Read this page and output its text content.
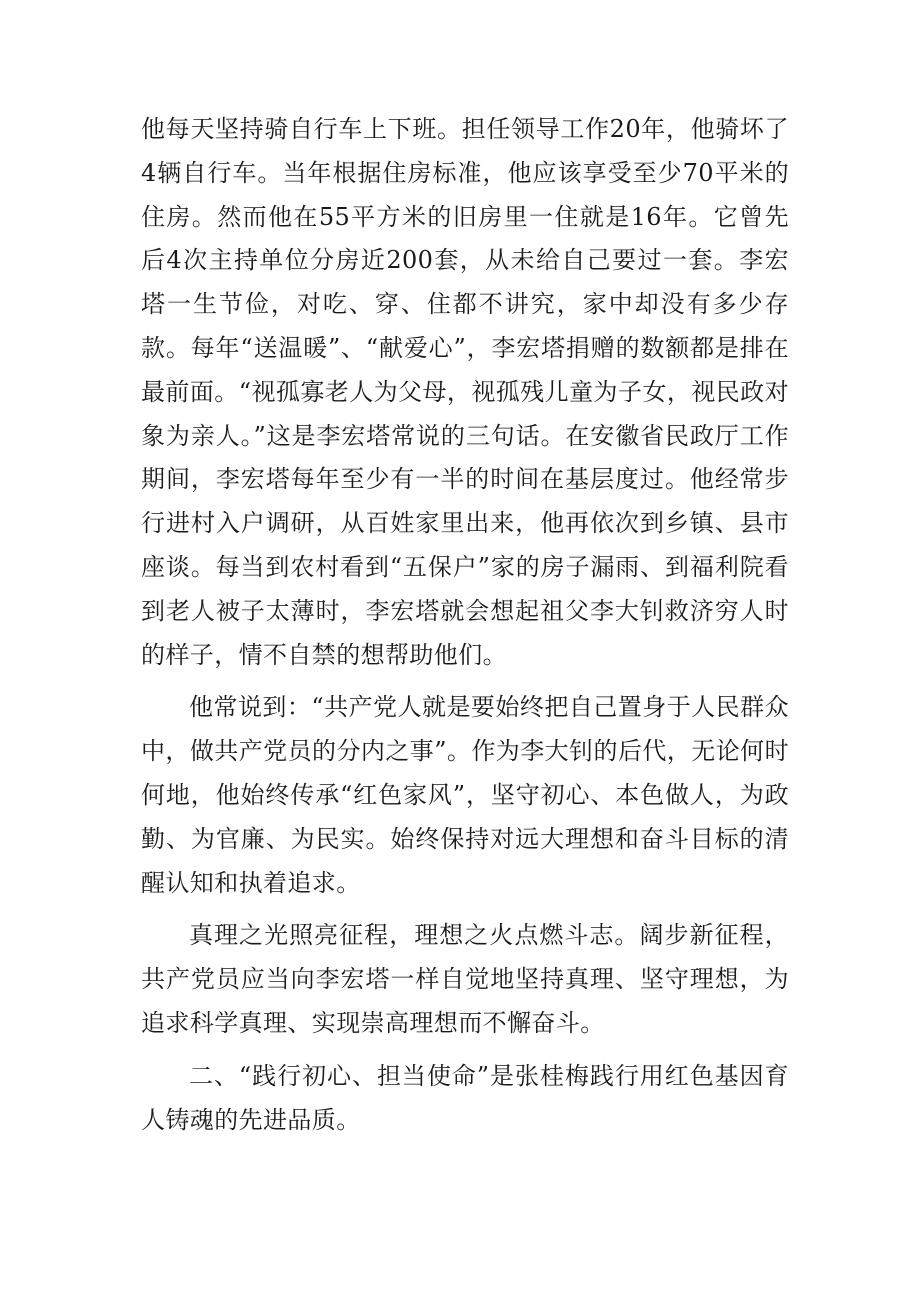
他每天坚持骑自行车上下班。担任领导工作20年，他骑坏了4辆自行车。当年根据住房标准，他应该享受至少70平米的住房。然而他在55平方米的旧房里一住就是16年。它曾先后4次主持单位分房近200套，从未给自己要过一套。李宏塔一生节俭，对吃、穿、住都不讲究，家中却没有多少存款。每年“送温暖”、“献爱心”，李宏塔捐赠的数额都是排在最前面。“视孤寡老人为父母，视孤残儿童为子女，视民政对象为亲人。”这是李宏塔常说的三句话。在安徽省民政厅工作期间，李宏塔每年至少有一半的时间在基层度过。他经常步行进村入户调研，从百姓家里出来，他再依次到乡镇、县市座谈。每当到农村看到“五保户”家的房子漏雨、到福利院看到老人被子太薄时，李宏塔就会想起祖父李大钊救济穷人时的样子，情不自禁的想帮助他们。

他常说到：“共产党人就是要始终把自己置身于人民群众中，做共产党员的分内之事”。作为李大钊的后代，无论何时何地，他始终传承“红色家风”，坚守初心、本色做人，为政勤、为官廉、为民实。始终保持对远大理想和奋斗目标的清醒认知和执着追求。

真理之光照亮征程，理想之火点燃斗志。阔步新征程，共产党员应当向李宏塔一样自觉地坚持真理、坚守理想，为追求科学真理、实现崇高理想而不懈奋斗。

二、“践行初心、担当使命”是张桂梅践行用红色基因育人铸魂的先进品质。
